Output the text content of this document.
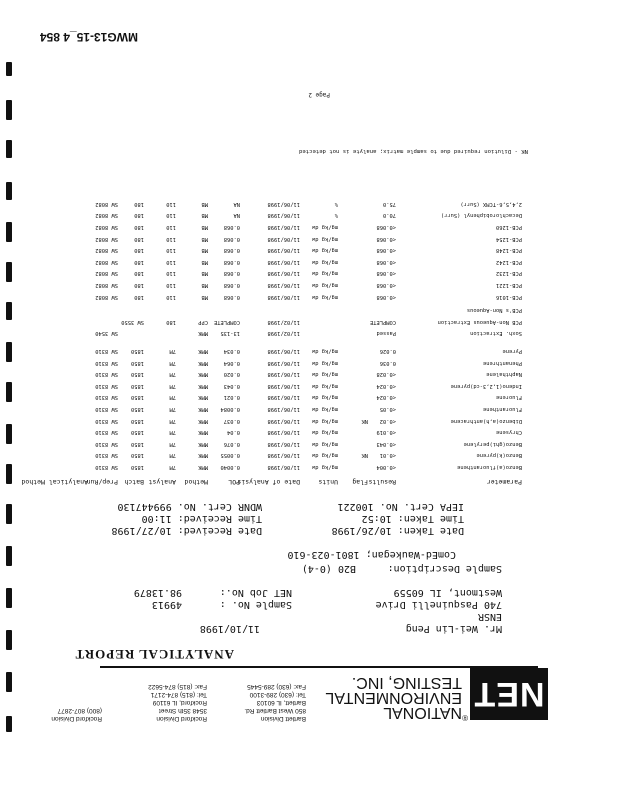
NET
®
NATIONAL
ENVIRONMENTAL
TESTING, INC.
Bartlett Division
850 West Bartlett Rd.
Bartlett, IL 60103
Tel: (630) 289-3100
Fax: (630) 289-5445
Rockford Division
3548 35th Street
Rockford, IL 61109
Tel: (815) 874-2171
Fax: (815) 874-5622
Rockford Division
(800) 807-2877
ANALYTICAL REPORT
Mr. Wei-Lin Peng
11/10/1998
ENSR
740 Pasquinelli Drive
Sample No. :
49913
Westmont, IL 60559
NET Job No.:
98.13879
Sample Description:
B20 (0-4)
ComEd-Waukegan; 1801-023-610
Date Taken: 10/26/1998
Date Received: 10/27/1998
Time Taken: 10:52
Time Received: 11:00
IEPA Cert. No. 100221
WDNR Cert. No. 999447130
Parameter
Results
Flag
Units
Date of Analysis
POL
Method
Analyst
Batch
Prep/Run
Analytical Method
Benzo(a)fluoranthene
<0.004
mg/kg dw
11/06/1998
0.0040
MMK
7M
1850
SW 8310
Benzo(k)pyrene
<0.01
NK
mg/kg dw
11/06/1998
0.0055
MMK
7M
1850
SW 8310
Benzo(ghi)perylene
<0.043
mg/kg dw
11/06/1998
0.076
MMK
7M
1850
SW 8310
Chrysene
<0.019
mg/kg dw
11/06/1998
0.04
MMK
7M
1850
SW 8310
Dibenzo(a,h)anthracene
<0.02
NK
mg/kg dw
11/06/1998
0.037
MMK
7M
1850
SW 8310
Fluoranthene
<0.05
mg/kg dw
11/06/1998
0.0084
MMK
7M
1850
SW 8310
Fluorene
<0.024
mg/kg dw
11/06/1998
0.021
MMK
7M
1850
SW 8310
Indeno(1,2,3-cd)pyrene
<0.024
mg/kg dw
11/06/1998
0.043
MMK
7M
1850
SW 8310
Naphthalene
<0.028
mg/kg dw
11/06/1998
0.020
MMK
7M
1850
SW 8310
Phenanthrene
0.036
mg/kg dw
11/06/1998
0.064
MMK
7M
1850
SW 8310
Pyrene
0.026
mg/kg dw
11/06/1998
0.034
MMK
7M
1850
SW 8310
Soxh. Extraction
Passed
11/02/1998
13-135
MMK
SW 3540
PCB Non-Aqueous Extraction
COMPLETE
11/02/1998
COMPLETE
CPP
180
SW 3550
PCB's Non-Aqueous
PCB-1016
<0.068
mg/kg dw
11/06/1998
0.068
MB
110
180
SW 8082
PCB-1221
<0.068
mg/kg dw
11/06/1998
0.068
MB
110
180
SW 8082
PCB-1232
<0.068
mg/kg dw
11/06/1998
0.068
MB
110
180
SW 8082
PCB-1242
<0.068
mg/kg dw
11/06/1998
0.068
MB
110
180
SW 8082
PCB-1248
<0.068
mg/kg dw
11/06/1998
0.068
MB
110
180
SW 8082
PCB-1254
<0.068
mg/kg dw
11/06/1998
0.068
MB
110
180
SW 8082
PCB-1260
<0.068
mg/kg dw
11/06/1998
0.068
MB
110
180
SW 8082
Decachlorobiphenyl (Surr)
70.0
%
11/06/1998
NA
MB
110
180
SW 8082
2,4,5,6-TCMX (Surr)
75.0
%
11/06/1998
NA
MB
110
180
SW 8082
NK - Dilution required due to sample matrix; analyte is not detected
Page 2
MWG13-15_4 854
